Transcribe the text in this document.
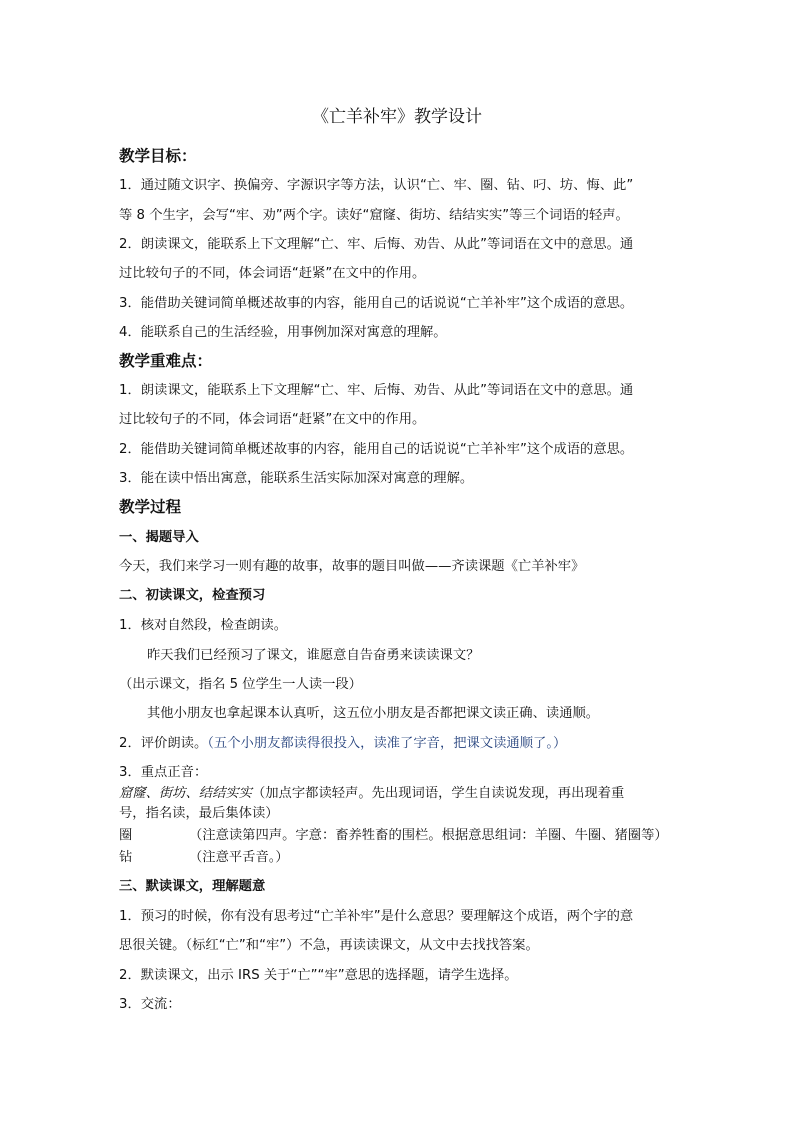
《亡羊补牢》教学设计
教学目标：
1．通过随文识字、换偏旁、字源识字等方法，认识“亡、牢、圈、钻、叼、坊、悔、此”
等 8 个生字，会写“牢、劝”两个字。读好“窟窿、街坊、结结实实”等三个词语的轻声。
2．朗读课文，能联系上下文理解“亡、牢、后悔、劝告、从此”等词语在文中的意思。通
过比较句子的不同，体会词语“赶紧”在文中的作用。
3．能借助关键词简单概述故事的内容，能用自己的话说说“亡羊补牢”这个成语的意思。
4．能联系自己的生活经验，用事例加深对寓意的理解。
教学重难点：
1．朗读课文，能联系上下文理解“亡、牢、后悔、劝告、从此”等词语在文中的意思。通
过比较句子的不同，体会词语“赶紧”在文中的作用。
2．能借助关键词简单概述故事的内容，能用自己的话说说“亡羊补牢”这个成语的意思。
3．能在读中悟出寓意，能联系生活实际加深对寓意的理解。
教学过程
一、揭题导入
今天，我们来学习一则有趣的故事，故事的题目叫做——齐读课题《亡羊补牢》
二、初读课文，检查预习
1．核对自然段，检查朗读。
昨天我们已经预习了课文，谁愿意自告奋勇来读读课文？
（出示课文，指名 5 位学生一人读一段）
其他小朋友也拿起课本认真听，这五位小朋友是否都把课文读正确、读通顺。
2．评价朗读。（五个小朋友都读得很投入，读准了字音，把课文读通顺了。）
3．重点正音：
窟窿、街坊、结结实实（加点字都读轻声。先出现词语，学生自读说发现，再出现着重
号，指名读，最后集体读）
圈	（注意读第四声。字意：畜养牲畜的围栏。根据意思组词：羊圈、牛圈、猪圈等）
钻	（注意平舌音。）
三、默读课文，理解题意
1．预习的时候，你有没有思考过“亡羊补牢”是什么意思？要理解这个成语，两个字的意
思很关键。（标红“亡”和“牢”）不急，再读读课文，从文中去找找答案。
2．默读课文，出示 IRS 关于“亡”“牢”意思的选择题，请学生选择。
3．交流：
